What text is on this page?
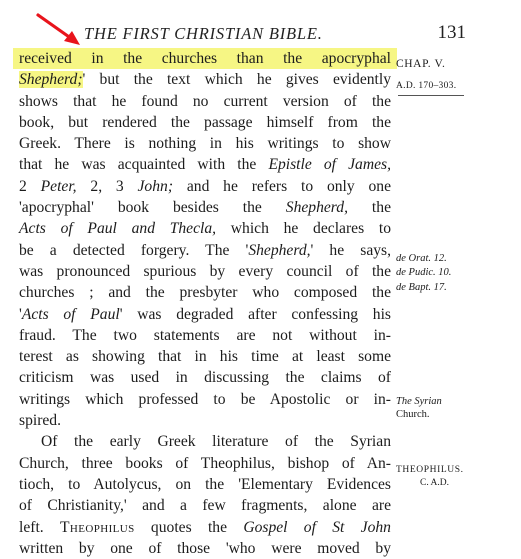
THE FIRST CHRISTIAN BIBLE.	131
received in the churches than the apocryphal
Shepherd;' but the text which he gives evidently
shows that he found no current version of the
book, but rendered the passage himself from the
Greek. There is nothing in his writings to show
that he was acquainted with the Epistle of James,
2 Peter, 2, 3 John; and he refers to only one
'apocryphal' book besides the Shepherd, the
Acts of Paul and Thecla, which he declares to
be a detected forgery. The 'Shepherd,' he says,
was pronounced spurious by every council of the
churches ; and the presbyter who composed the
'Acts of Paul' was degraded after confessing his
fraud. The two statements are not without in-
terest as showing that in his time at least some
criticism was used in discussing the claims of
writings which professed to be Apostolic or in-
spired.
Of the early Greek literature of the Syrian
Church, three books of Theophilus, bishop of An-
tioch, to Autolycus, on the 'Elementary Evidences
of Christianity,' and a few fragments, alone are
left. Theophilus quotes the Gospel of St John
written by one of those 'who were moved by
CHAP. V.
A.D. 170–303.
de Orat. 12.
de Pudic. 10.
de Bapt. 17.
The Syrian
Church.
THEOPHILUS.
C. A.D.
